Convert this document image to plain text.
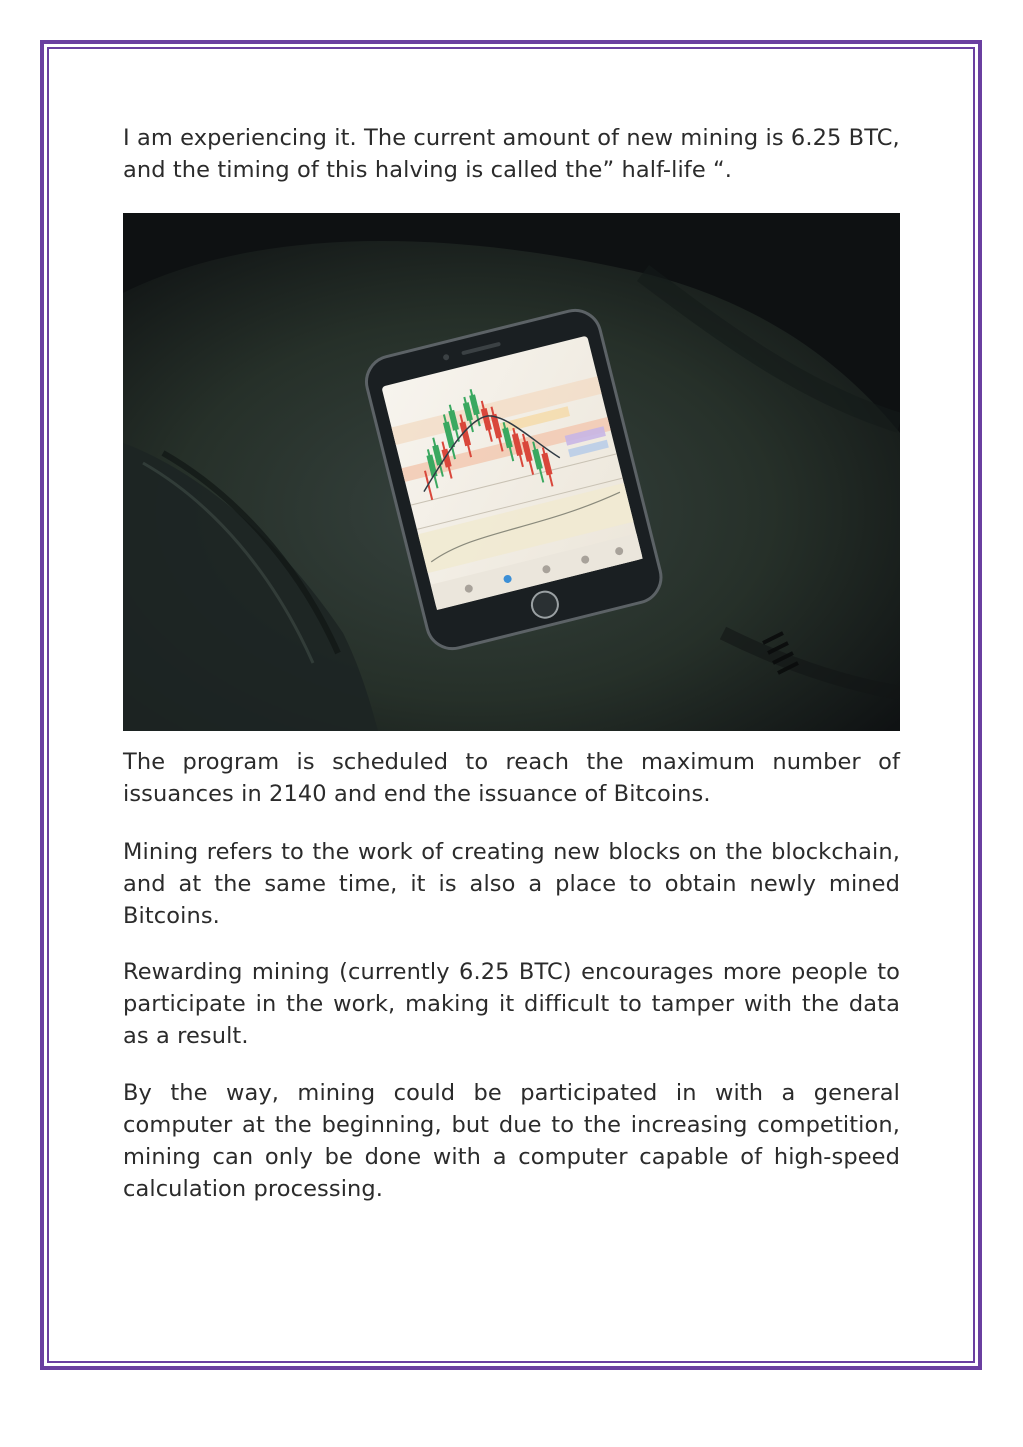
I am experiencing it. The current amount of new mining is 6.25 BTC, and the timing of this halving is called the” half-life “.

The program is scheduled to reach the maximum number of issuances in 2140 and end the issuance of Bitcoins.

Mining refers to the work of creating new blocks on the blockchain, and at the same time, it is also a place to obtain newly mined Bitcoins.

Rewarding mining (currently 6.25 BTC) encourages more people to participate in the work, making it difficult to tamper with the data as a result.

By the way, mining could be participated in with a general computer at the beginning, but due to the increasing competition, mining can only be done with a computer capable of high-speed calculation processing.
